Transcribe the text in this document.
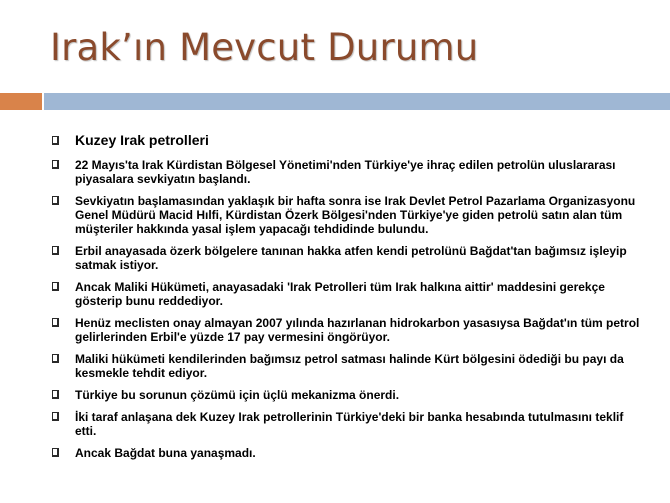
Irak’ın Mevcut Durumu
Kuzey Irak petrolleri
22 Mayıs'ta Irak Kürdistan Bölgesel Yönetimi'nden Türkiye'ye ihraç edilen petrolün uluslararası piyasalara sevkiyatın başlandı.
Sevkiyatın başlamasından yaklaşık bir hafta sonra ise Irak Devlet Petrol Pazarlama Organizasyonu Genel Müdürü Macid Hılfi, Kürdistan Özerk Bölgesi'nden Türkiye'ye giden petrolü satın alan tüm müşteriler hakkında yasal işlem yapacağı tehdidinde bulundu.
Erbil anayasada özerk bölgelere tanınan hakka atfen kendi petrolünü Bağdat'tan bağımsız işleyip satmak istiyor.
Ancak Maliki Hükümeti, anayasadaki 'Irak Petrolleri tüm Irak halkına aittir' maddesini gerekçe gösterip bunu reddediyor.
Henüz meclisten onay almayan 2007 yılında hazırlanan hidrokarbon yasasıysa Bağdat'ın tüm petrol gelirlerinden Erbil'e yüzde 17 pay vermesini öngörüyor.
Maliki hükümeti kendilerinden bağımsız petrol satması halinde Kürt bölgesini ödediği bu payı da kesmekle tehdit ediyor.
Türkiye bu sorunun çözümü için üçlü mekanizma önerdi.
İki taraf anlaşana dek Kuzey Irak petrollerinin Türkiye'deki bir banka hesabında tutulmasını teklif etti.
Ancak Bağdat buna yanaşmadı.
